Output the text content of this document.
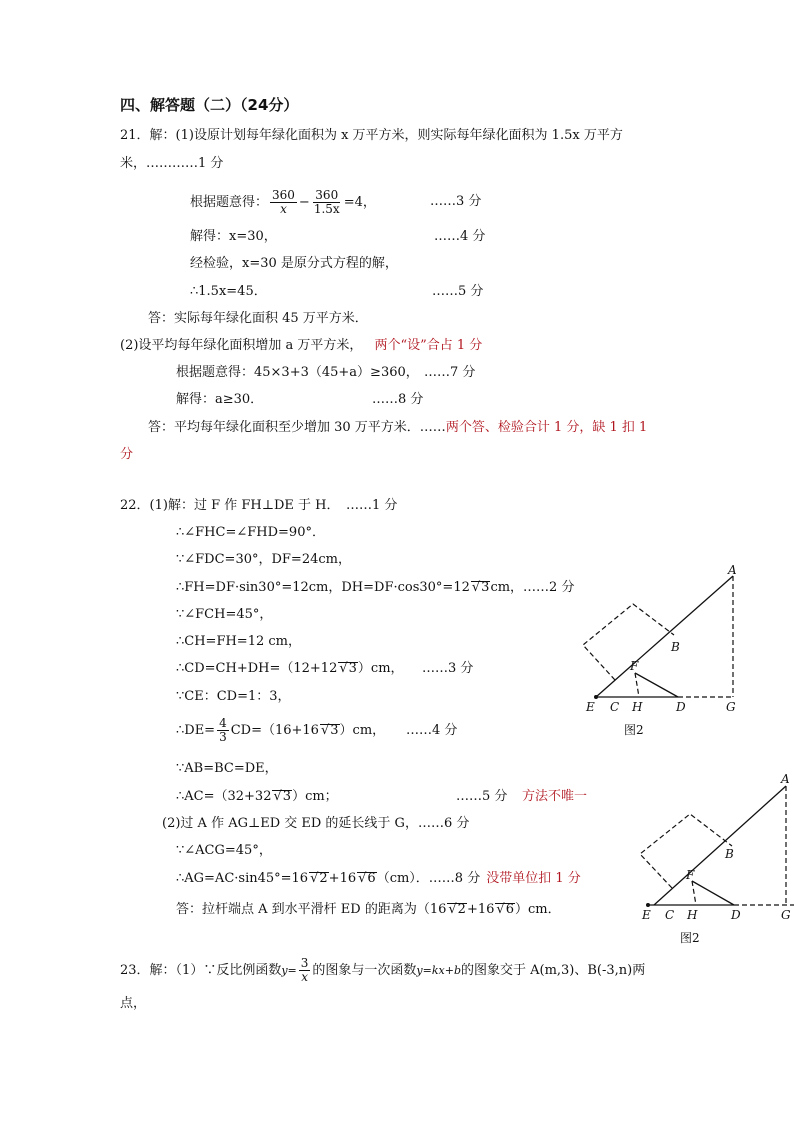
四、解答题（二）（24分）
21．解：(1)设原计划每年绿化面积为 x 万平方米，则实际每年绿化面积为 1.5x 万平方
米，…………1 分
根据题意得： $\frac{360}{x} - \frac{360}{1.5x} =4$，	……3 分
解得：x=30，	……4 分
经检验，x=30 是原分式方程的解，
∴1.5x=45．	……5 分
答：实际每年绿化面积 45 万平方米．
(2)设平均每年绿化面积增加 a 万平方米， 两个“设”合占 1 分
根据题意得：45×3+3（45+a）≥360， ……7 分
解得：a≥30．	……8 分
答：平均每年绿化面积至少增加 30 万平方米．……两个答、检验合计 1 分，缺 1 扣 1
分
22．(1)解：过 F 作 FH⊥DE 于 H．　……1 分
∴∠FHC=∠FHD=90°．
∵∠FDC=30°，DF=24cm，
∴FH=DF·sin30°=12cm，DH=DF·cos30°=12√ 3cm，……2 分
∵∠FCH=45°，
∴CH=FH=12 cm，
∴CD=CH+DH=（12+12√ 3）cm， ……3 分
∵CE：CD=1：3，
∴DE= $\frac{4}{3} CD=(16+16√$ 3）cm， ……4 分
∵AB=BC=DE，
∴AC=（32+32√ 3）cm；	……5 分 方法不唯一
(2)过 A 作 AG⊥ED 交 ED 的延长线于 G，……6 分
∵∠ACG=45°，
∴AG=AC·sin45°=16√ 2+16√ 6（cm）．……8 分 没带单位扣 1 分
答：拉杆端点 A 到水平滑杆 ED 的距离为（16√ 2+16√ 6）cm．
23．解：（1）∵反比例函数$y= \frac{3}{x}$ 的图象与一次函数y=kx+b的图象交于 A(m,3)、B(-3,n)两
点，
A
B
F
E C H	D	G
图2
A
B
F
E C H	D	G
图2
